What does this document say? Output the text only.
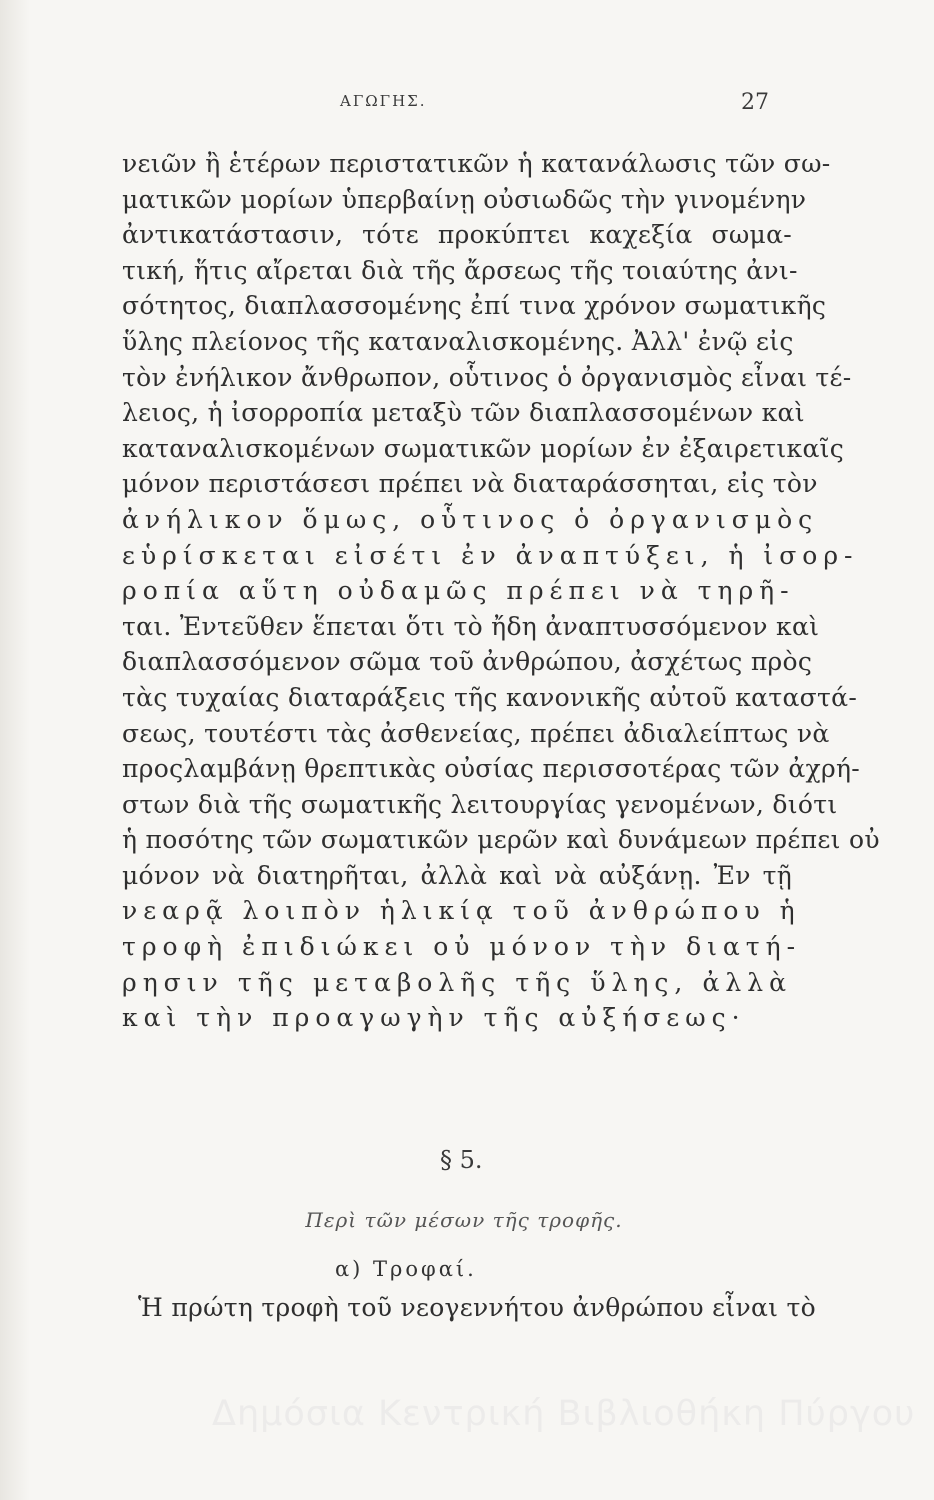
ΑΓΩΓΗΣ.	27
νειῶν ἢ ἑτέρων περιστατικῶν ἡ κατανάλωσις τῶν σω-
ματικῶν μορίων ὑπερβαίνῃ οὐσιωδῶς τὴν γινομένην
ἀντικατάστασιν, τότε προκύπτει καχεξία σωμα-
τική, ἥτις αἴρεται διὰ τῆς ἄρσεως τῆς τοιαύτης ἀνι-
σότητος, διαπλασσομένης ἐπί τινα χρόνον σωματικῆς
ὕλης πλείονος τῆς καταναλισκομένης. Ἀλλ' ἐνῷ εἰς
τὸν ἐνήλικον ἄνθρωπον, οὗτινος ὁ ὀργανισμὸς εἶναι τέ-
λειος, ἡ ἰσορροπία μεταξὺ τῶν διαπλασσομένων καὶ
καταναλισκομένων σωματικῶν μορίων ἐν ἐξαιρετικαῖς
μόνον περιστάσεσι πρέπει νὰ διαταράσσηται, εἰς τὸν
ἀνήλικον ὅμως, οὗτινος ὁ ὀργανισμὸς
εὑρίσκεται εἰσέτι ἐν ἀναπτύξει, ἡ ἰσορ-
ροπία αὕτη οὐδαμῶς πρέπει νὰ τηρῆ-
ται. Ἐντεῦθεν ἕπεται ὅτι τὸ ἤδη ἀναπτυσσόμενον καὶ
διαπλασσόμενον σῶμα τοῦ ἀνθρώπου, ἀσχέτως πρὸς
τὰς τυχαίας διαταράξεις τῆς κανονικῆς αὐτοῦ καταστά-
σεως, τουτέστι τὰς ἀσθενείας, πρέπει ἀδιαλείπτως νὰ
προςλαμβάνῃ θρεπτικὰς οὐσίας περισσοτέρας τῶν ἀχρή-
στων διὰ τῆς σωματικῆς λειτουργίας γενομένων, διότι
ἡ ποσότης τῶν σωματικῶν μερῶν καὶ δυνάμεων πρέπει οὐ
μόνον νὰ διατηρῆται, ἀλλὰ καὶ νὰ αὐξάνῃ. Ἐν τῇ
νεαρᾷ λοιπὸν ἡλικίᾳ τοῦ ἀνθρώπου ἡ
τροφὴ ἐπιδιώκει οὐ μόνον τὴν διατή-
ρησιν τῆς μεταβολῆς τῆς ὕλης, ἀλλὰ
καὶ τὴν προαγωγὴν τῆς αὐξήσεως·
§ 5.
Περὶ τῶν μέσων τῆς τροφῆς.
α) Τροφαί.
Ἡ πρώτη τροφὴ τοῦ νεογεννήτου ἀνθρώπου εἶναι τὸ
Δημόσια Κεντρική Βιβλιοθήκη Πύργου
